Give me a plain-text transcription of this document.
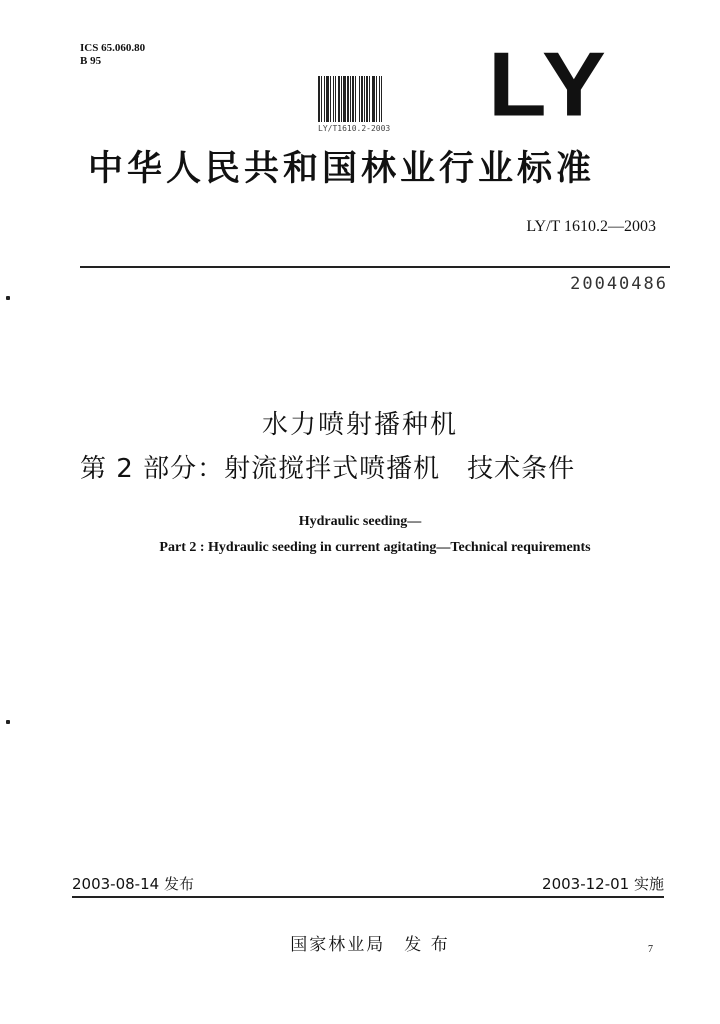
ICS 65.060.80
B 95
LY/T1610.2-2003 LY
中华人民共和国林业行业标准
LY/T 1610.2—2003
20040486
水力喷射播种机
第 2 部分：射流搅拌式喷播机　技术条件
Hydraulic seeding—
Part 2 : Hydraulic seeding in current agitating—Technical requirements
2003-08-14 发布	2003-12-01 实施
国家林业局　发 布	7
